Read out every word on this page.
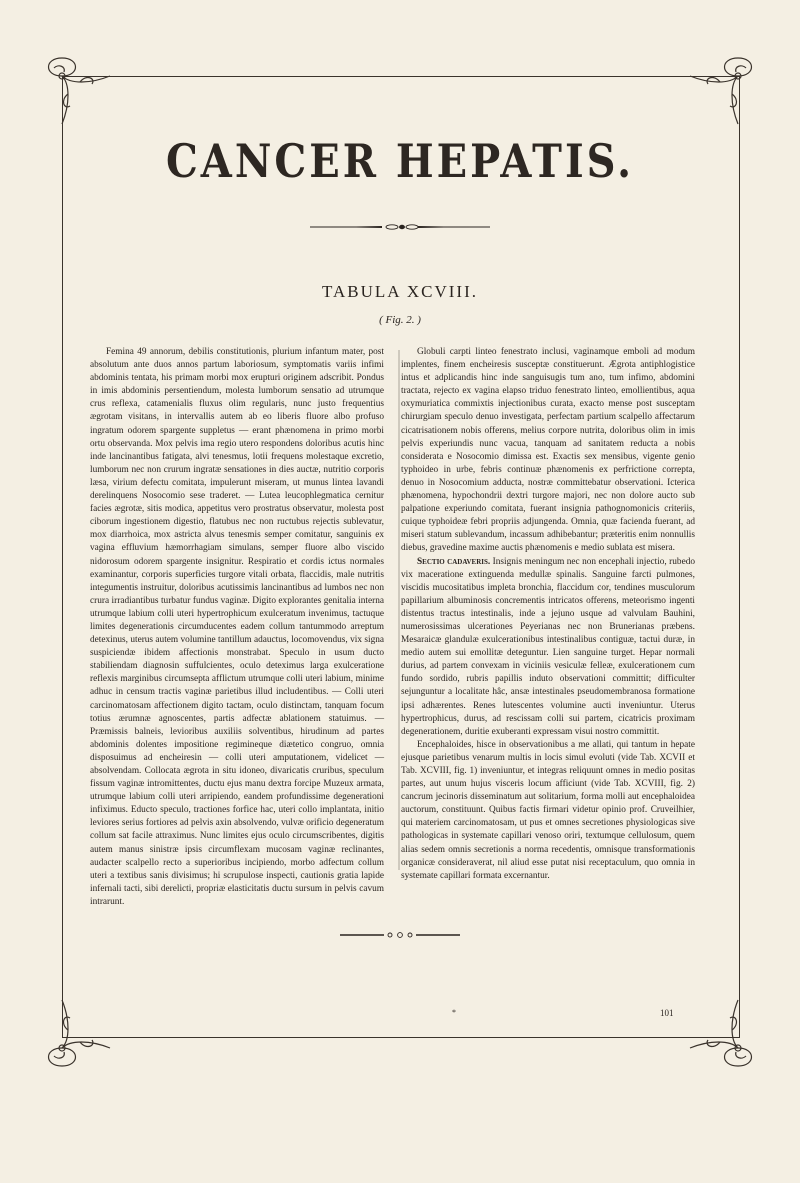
CANCER HEPATIS.
TABULA XCVIII.
( Fig. 2. )

Femina 49 annorum, debilis constitutionis, plurium infantum mater, post absolutum ante duos annos partum laboriosum, symptomatis variis infimi abdominis tentata, his primam morbi mox erupturi originem adscribit. Pondus in imis abdominis persentiendum, molesta lumborum sensatio ad utrumque crus reflexa, catamenialis fluxus olim regularis, nunc justo frequentius ægrotam visitans, in intervallis autem ab eo liberis fluore albo profuso ingratum odorem spargente suppletus — erant phænomena in primo morbi ortu observanda. Mox pelvis ima regio utero respondens doloribus acutis hinc inde lancinantibus fatigata, alvi tenesmus, lotii frequens molestaque excretio, lumborum nec non crurum ingratæ sensationes in dies auctæ, nutritio corporis læsa, virium defectu comitata, impulerunt miseram, ut munus lintea lavandi derelinquens Nosocomio sese traderet. — Lutea leucophlegmatica cernitur facies ægrotæ, sitis modica, appetitus vero prostratus observatur, molesta post ciborum ingestionem digestio, flatubus nec non ructubus rejectis sublevatur, mox diarrhoica, mox astricta alvus tenesmis semper comitatur, sanguinis ex vagina effluvium hæmorrhagiam simulans, semper fluore albo viscido nidorosum odorem spargente insignitur. Respiratio et cordis ictus normales examinantur, corporis superficies turgore vitali orbata, flaccidis, male nutritis integumentis instruitur, doloribus acutissimis lancinantibus ad lumbos nec non crura irradiantibus turbatur fundus vaginæ. Digito explorantes genitalia interna utrumque labium colli uteri hypertrophicum exulceratum invenimus, tactuque limites degenerationis circumducentes eadem collum tantummodo arreptum detexinus, uterus autem volumine tantillum adauctus, locomovendus, vix signa suspiciendæ ibidem affectionis monstrabat. Speculo in usum ducto stabiliendam diagnosin suffulcientes, oculo deteximus larga exulceratione reflexis marginibus circumsepta afflictum utrumque colli uteri labium, minime adhuc in censum tractis vaginæ parietibus illud includentibus. — Colli uteri carcinomatosam affectionem digito tactam, oculo distinctam, tanquam focum totius ærumnæ agnoscentes, partis adfectæ ablationem statuimus. — Præmissis balneis, levioribus auxiliis solventibus, hirudinum ad partes abdominis dolentes impositione regimineque diætetico congruo, omnia disposuimus ad encheiresin — colli uteri amputationem, videlicet — absolvendam. Collocata ægrota in situ idoneo, divaricatis cruribus, speculum fissum vaginæ intromittentes, ductu ejus manu dextra forcipe Muzeux armata, utrumque labium colli uteri arripiendo, eandem profundissime degenerationi infiximus. Educto speculo, tractiones forfice hac, uteri collo implantata, initio leviores serius fortiores ad pelvis axin absolvendo, vulvæ orificio degeneratum collum sat facile attraximus. Nunc limites ejus oculo circumscribentes, digitis autem manus sinistræ ipsis circumflexam mucosam vaginæ reclinantes, audacter scalpello recto a superioribus incipiendo, morbo adfectum collum uteri a textibus sanis divisimus; hi scrupulose inspecti, cautionis gratia lapide infernali tacti, sibi derelicti, propriæ elasticitatis ductu sursum in pelvis cavum intrarunt.

Globuli carpti linteo fenestrato inclusi, vaginamque emboli ad modum implentes, finem encheiresis susceptæ constituerunt. Ægrota antiphlogistice intus et adplicandis hinc inde sanguisugis tum ano, tum infimo, abdomini tractata, rejecto ex vagina elapso triduo fenestrato linteo, emollientibus, aqua oxymuriatica commixtis injectionibus curata, exacto mense post susceptam chirurgiam speculo denuo investigata, perfectam partium scalpello affectarum cicatrisationem nobis offerens, melius corpore nutrita, doloribus olim in imis pelvis experiundis nunc vacua, tanquam ad sanitatem reducta a nobis considerata e Nosocomio dimissa est. Exactis sex mensibus, vigente genio typhoideo in urbe, febris continuæ phænomenis ex perfrictione correpta, denuo in Nosocomium adducta, nostræ committebatur observationi. Icterica phænomena, hypochondrii dextri turgore majori, nec non dolore aucto sub palpatione experiundo comitata, fuerant insignia pathognomonicis criteriis, cuique typhoideæ febri propriis adjungenda. Omnia, quæ facienda fuerant, ad miseri statum sublevandum, incassum adhibebantur; præteritis enim nonnullis diebus, gravedine maxime auctis phænomenis e medio sublata est misera.

Sectio cadaveris. Insignis meningum nec non encephali injectio, rubedo vix maceratione extinguenda medullæ spinalis. Sanguine farcti pulmones, viscidis mucositatibus impleta bronchia, flaccidum cor, tendines musculorum papillarium albuminosis concrementis intricatos offerens, meteorismo ingenti distentus tractus intestinalis, inde a jejuno usque ad valvulam Bauhini, numerosissimas ulcerationes Peyerianas nec non Brunerianas præbens. Mesaraicæ glandulæ exulcerationibus intestinalibus contiguæ, tactui duræ, in medio autem sui emollitæ deteguntur. Lien sanguine turget. Hepar normali durius, ad partem convexam in viciniis vesiculæ felleæ, exulcerationem cum fundo sordido, rubris papillis induto observationi committit; difficulter sejunguntur a localitate hâc, ansæ intestinales pseudomembranosa formatione ipsi adhærentes. Renes lutescentes volumine aucti inveniuntur. Uterus hypertrophicus, durus, ad rescissam colli sui partem, cicatricis proximam degenerationem, duritie exuberanti expressam visui nostro committit.

Encephaloides, hisce in observationibus a me allati, qui tantum in hepate ejusque parietibus venarum multis in locis simul evoluti (vide Tab. XCVII et Tab. XCVIII, fig. 1) inveniuntur, et integras reliquunt omnes in medio positas partes, aut unum hujus visceris locum afficiunt (vide Tab. XCVIII, fig. 2) cancrum jecinoris disseminatum aut solitarium, forma molli aut encephaloidea auctorum, constituunt. Quibus factis firmari videtur opinio prof. Cruveilhier, qui materiem carcinomatosam, ut pus et omnes secretiones physiologicas sive pathologicas in systemate capillari venoso oriri, textumque cellulosum, quem alias sedem omnis secretionis a norma recedentis, omnisque transformationis organicæ consideraverat, nil aliud esse putat nisi receptaculum, quo omnia in systemate capillari formata excernantur.

*	101
